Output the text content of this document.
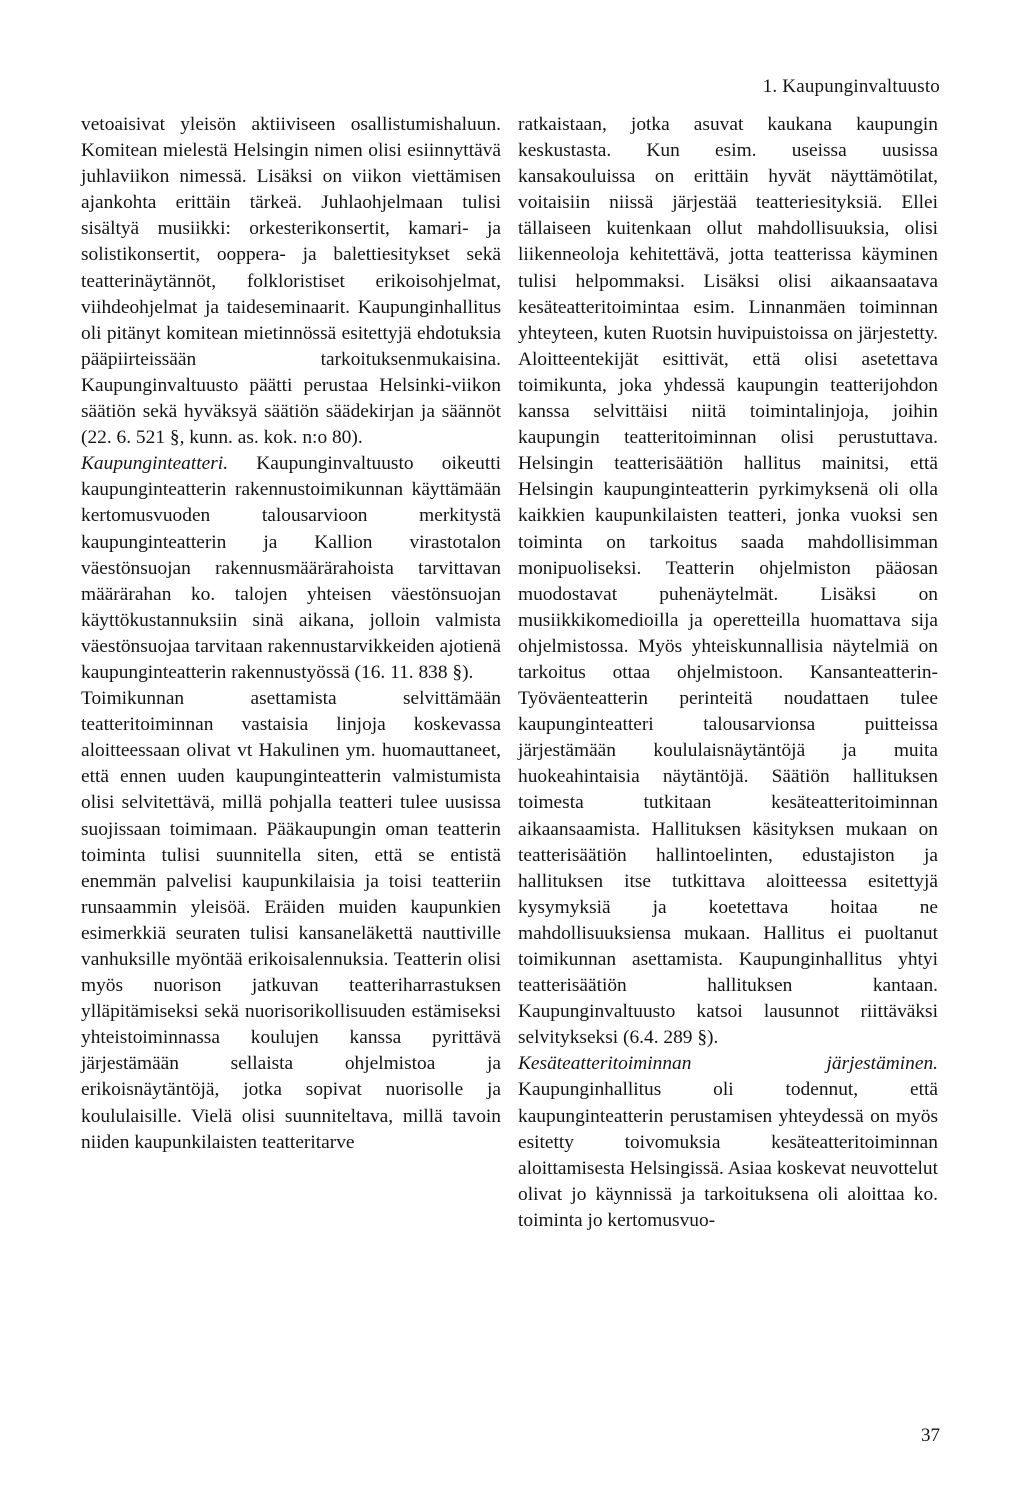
1. Kaupunginvaltuusto

vetoaisivat yleisön aktiiviseen osallistumishaluun. Komitean mielestä Helsingin nimen olisi esiinnyttävä juhlaviikon nimessä. Lisäksi on viikon viettämisen ajankohta erittäin tärkeä. Juhlaohjelmaan tulisi sisältyä musiikki: orkesterikonsertit, kamari- ja solistikonsertit, ooppera- ja balettiesitykset sekä teatterinäytännöt, folkloristiset erikoisohjelmat, viihdeohjelmat ja taideseminaarit. Kaupunginhallitus oli pitänyt komitean mietinnössä esitettyjä ehdotuksia pääpiirteissään tarkoituksenmukaisina. Kaupunginvaltuusto päätti perustaa Helsinki-viikon säätiön sekä hyväksyä säätiön säädekirjan ja säännöt (22. 6. 521 §, kunn. as. kok. n:o 80).

Kaupunginteatteri. Kaupunginvaltuusto oikeutti kaupunginteatterin rakennustoimikunnan käyttämään kertomusvuoden talousarvioon merkitystä kaupunginteatterin ja Kallion virastotalon väestönsuojan rakennusmäärärahoista tarvittavan määrärahan ko. talojen yhteisen väestönsuojan käyttökustannuksiin sinä aikana, jolloin valmista väestönsuojaa tarvitaan rakennustarvikkeiden ajotienä kaupunginteatterin rakennustyössä (16. 11. 838 §).

Toimikunnan asettamista selvittämään teatteritoiminnan vastaisia linjoja koskevassa aloitteessaan olivat vt Hakulinen ym. huomauttaneet, että ennen uuden kaupunginteatterin valmistumista olisi selvitettävä, millä pohjalla teatteri tulee uusissa suojissaan toimimaan. Pääkaupungin oman teatterin toiminta tulisi suunnitella siten, että se entistä enemmän palvelisi kaupunkilaisia ja toisi teatteriin runsaammin yleisöä. Eräiden muiden kaupunkien esimerkkiä seuraten tulisi kansaneläkettä nauttiville vanhuksille myöntää erikoisalennuksia. Teatterin olisi myös nuorison jatkuvan teatteriharrastuksen ylläpitämiseksi sekä nuorisorikollisuuden estämiseksi yhteistoiminnassa koulujen kanssa pyrittävä järjestämään sellaista ohjelmistoa ja erikoisnäytäntöjä, jotka sopivat nuorisolle ja koululaisille. Vielä olisi suunniteltava, millä tavoin niiden kaupunkilaisten teatteritarve

ratkaistaan, jotka asuvat kaukana kaupungin keskustasta. Kun esim. useissa uusissa kansakouluissa on erittäin hyvät näyttämötilat, voitaisiin niissä järjestää teatteriesityksiä. Ellei tällaiseen kuitenkaan ollut mahdollisuuksia, olisi liikenneoloja kehitettävä, jotta teatterissa käyminen tulisi helpommaksi. Lisäksi olisi aikaansaatava kesäteatteritoimintaa esim. Linnanmäen toiminnan yhteyteen, kuten Ruotsin huvipuistoissa on järjestetty. Aloitteentekijät esittivät, että olisi asetettava toimikunta, joka yhdessä kaupungin teatterijohdon kanssa selvittäisi niitä toimintalinjoja, joihin kaupungin teatteritoiminnan olisi perustuttava. Helsingin teatterisäätiön hallitus mainitsi, että Helsingin kaupunginteatterin pyrkimyksenä oli olla kaikkien kaupunkilaisten teatteri, jonka vuoksi sen toiminta on tarkoitus saada mahdollisimman monipuoliseksi. Teatterin ohjelmiston pääosan muodostavat puhenäytelmät. Lisäksi on musiikkikomedioilla ja operetteilla huomattava sija ohjelmistossa. Myös yhteiskunnallisia näytelmiä on tarkoitus ottaa ohjelmistoon. Kansanteatterin-Työväenteatterin perinteitä noudattaen tulee kaupunginteatteri talousarvionsa puitteissa järjestämään koululaisnäytäntöjä ja muita huokeahintaisia näytäntöjä. Säätiön hallituksen toimesta tutkitaan kesäteatteritoiminnan aikaansaamista. Hallituksen käsityksen mukaan on teatterisäätiön hallintoelinten, edustajiston ja hallituksen itse tutkittava aloitteessa esitettyjä kysymyksiä ja koetettava hoitaa ne mahdollisuuksiensa mukaan. Hallitus ei puoltanut toimikunnan asettamista. Kaupunginhallitus yhtyi teatterisäätiön hallituksen kantaan. Kaupunginvaltuusto katsoi lausunnot riittäväksi selvitykseksi (6.4. 289 §).

Kesäteatteritoiminnan järjestäminen. Kaupunginhallitus oli todennut, että kaupunginteatterin perustamisen yhteydessä on myös esitetty toivomuksia kesäteatteritoiminnan aloittamisesta Helsingissä. Asiaa koskevat neuvottelut olivat jo käynnissä ja tarkoituksena oli aloittaa ko. toiminta jo kertomusvuo-

37
